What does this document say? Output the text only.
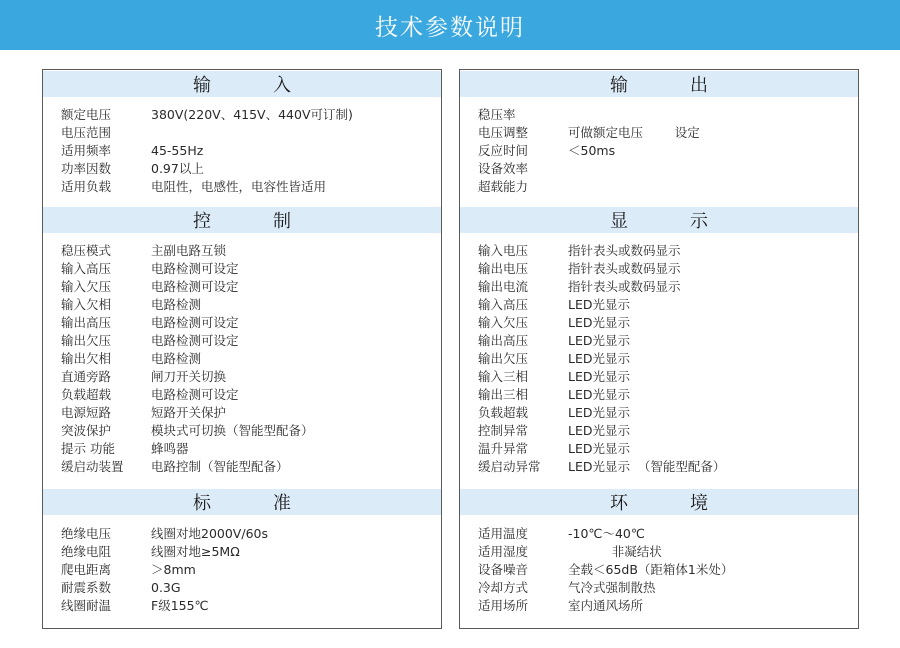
技术参数说明
输	入
额定电压	380V(220V、415V、440V可订制)
电压范围
适用频率	45-55Hz
功率因数	0.97以上
适用负载	电阻性，电感性，电容性皆适用
控	制
稳压模式	主副电路互锁
输入高压	电路检测可设定
输入欠压	电路检测可设定
输入欠相	电路检测
输出高压	电路检测可设定
输出欠压	电路检测可设定
输出欠相	电路检测
直通旁路	闸刀开关切换
负载超载	电路检测可设定
电源短路	短路开关保护
突波保护	模块式可切换（智能型配备）
提示 功能	蜂鸣器
缓启动装置	电路控制（智能型配备）
标	准
绝缘电压	线圈对地2000V/60s
绝缘电阻	线圈对地≥5MΩ
爬电距离	＞8mm
耐震系数	0.3G
线圈耐温	F级155℃
输	出
稳压率
电压调整	可做额定电压        设定
反应时间	＜50ms
设备效率
超载能力
显	示
输入电压	指针表头或数码显示
输出电压	指针表头或数码显示
输出电流	指针表头或数码显示
输入高压	LED光显示
输入欠压	LED光显示
输出高压	LED光显示
输出欠压	LED光显示
输入三相	LED光显示
输出三相	LED光显示
负载超载	LED光显示
控制异常	LED光显示
温升异常	LED光显示
缓启动异常	LED光显示  （智能型配备）
环	境
适用温度	-10℃～40℃
适用湿度	非凝结状
设备噪音	全载＜65dB（距箱体1米处）
冷却方式	气冷式强制散热
适用场所	室内通风场所
